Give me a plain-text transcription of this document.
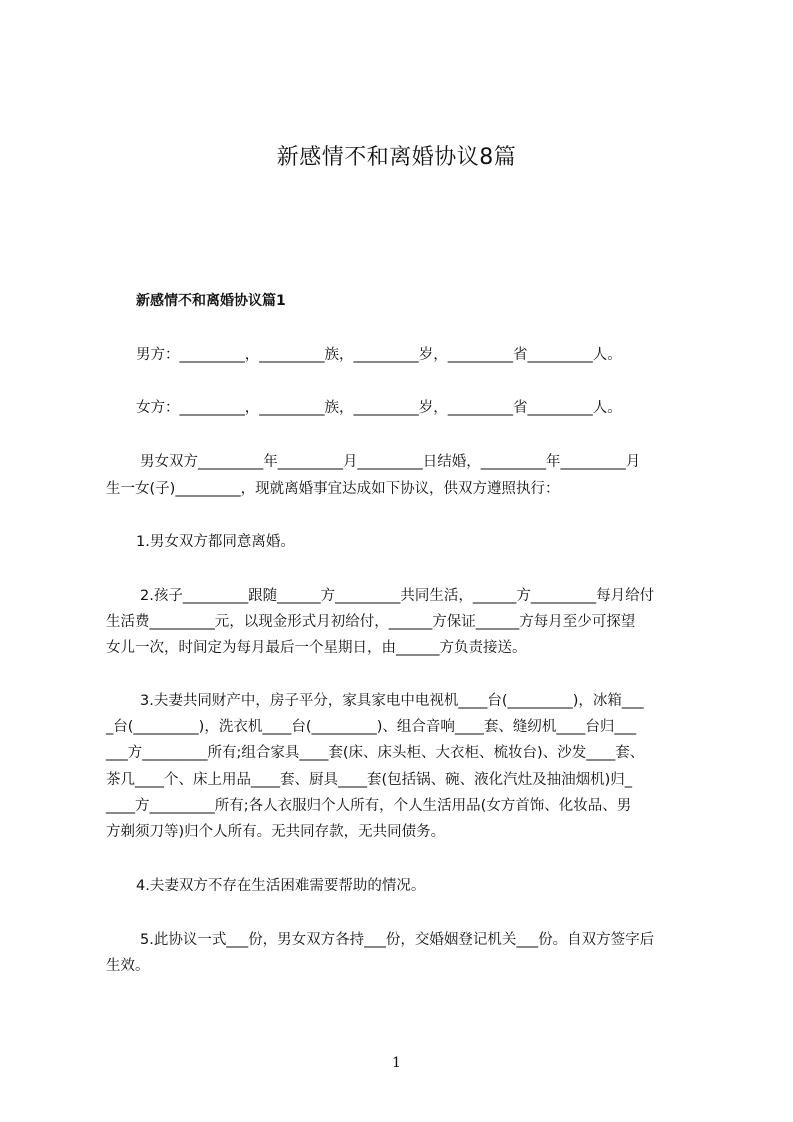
新感情不和离婚协议8篇
新感情不和离婚协议篇1
男方：_________，_________族，_________岁，_________省_________人。
女方：_________，_________族，_________岁，_________省_________人。
男女双方_________年_________月_________日结婚，_________年_________月
生一女(子)_________，现就离婚事宜达成如下协议，供双方遵照执行：
1.男女双方都同意离婚。
2.孩子_________跟随______方_________共同生活，______方_________每月给付
生活费_________元，以现金形式月初给付，______方保证______方每月至少可探望
女儿一次，时间定为每月最后一个星期日，由______方负责接送。
3.夫妻共同财产中，房子平分，家具家电中电视机____台(_________)，冰箱___
_台(_________)，洗衣机____台(_________)、组合音响____套、缝纫机____台归___
___方_________所有;组合家具____套(床、床头柜、大衣柜、梳妆台)、沙发____套、
茶几____个、床上用品____套、厨具____套(包括锅、碗、液化汽灶及抽油烟机)归_
____方_________所有;各人衣服归个人所有，个人生活用品(女方首饰、化妆品、男
方剃须刀等)归个人所有。无共同存款，无共同债务。
4.夫妻双方不存在生活困难需要帮助的情况。
5.此协议一式___份，男女双方各持___份，交婚姻登记机关___份。自双方签字后
生效。
1
